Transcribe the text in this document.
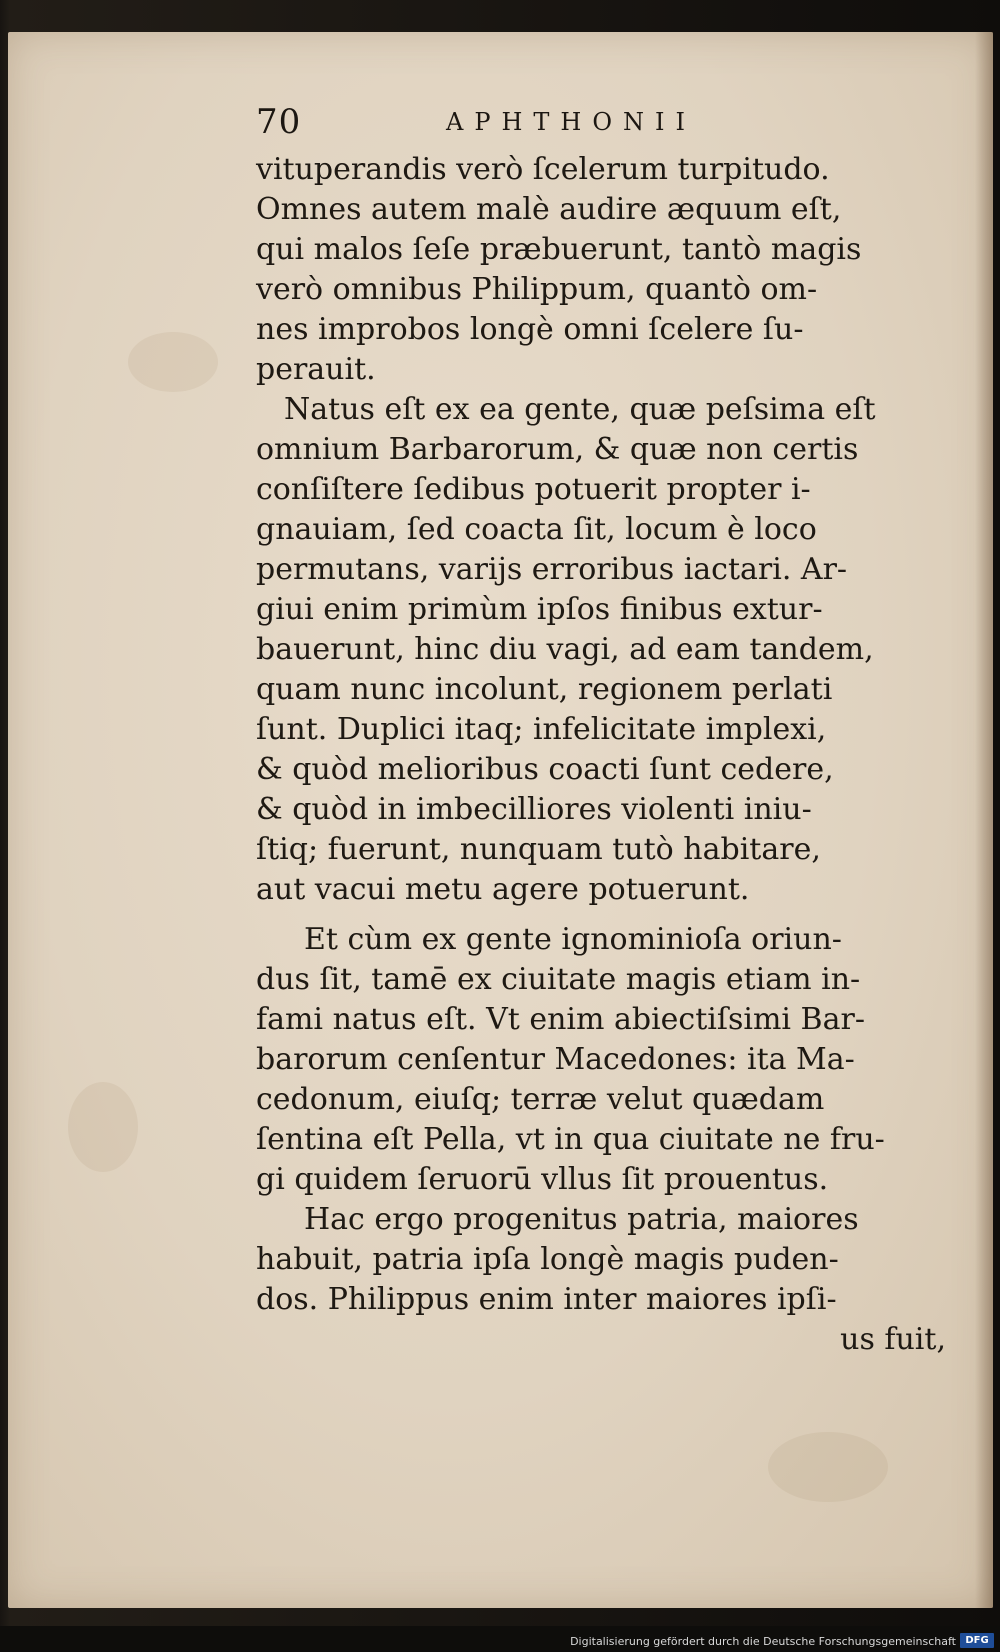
70	APHTHONII
vituperandis verò ſcelerum turpitudo.
Omnes autem malè audire æquum eſt,
qui malos ſeſe præbuerunt, tantò magis
verò omnibus Philippum, quantò om-
nes improbos longè omni ſcelere ſu-
perauit.
Natus eſt ex ea gente, quæ peſsima eſt
omnium Barbarorum, & quæ non certis
conſiſtere ſedibus potuerit propter i-
gnauiam, ſed coacta ſit, locum è loco
permutans, varijs erroribus iactari. Ar-
giui enim primùm ipſos finibus extur-
bauerunt, hinc diu vagi, ad eam tandem,
quam nunc incolunt, regionem perlati
ſunt. Duplici itaq; infelicitate implexi,
& quòd melioribus coacti ſunt cedere,
& quòd in imbecilliores violenti iniu-
ſtiq; fuerunt, nunquam tutò habitare,
aut vacui metu agere potuerunt.
Et cùm ex gente ignominioſa oriun-
dus ſit, tamē ex ciuitate magis etiam in-
fami natus eſt. Vt enim abiectiſsimi Bar-
barorum cenſentur Macedones: ita Ma-
cedonum, eiuſq; terræ velut quædam
ſentina eſt Pella, vt in qua ciuitate ne fru-
gi quidem ſeruorū vllus ſit prouentus.
Hac ergo progenitus patria, maiores
habuit, patria ipſa longè magis puden-
dos. Philippus enim inter maiores ipſi-
us fuit,
Digitalisierung gefördert durch die Deutsche Forschungsgemeinschaft DFG
